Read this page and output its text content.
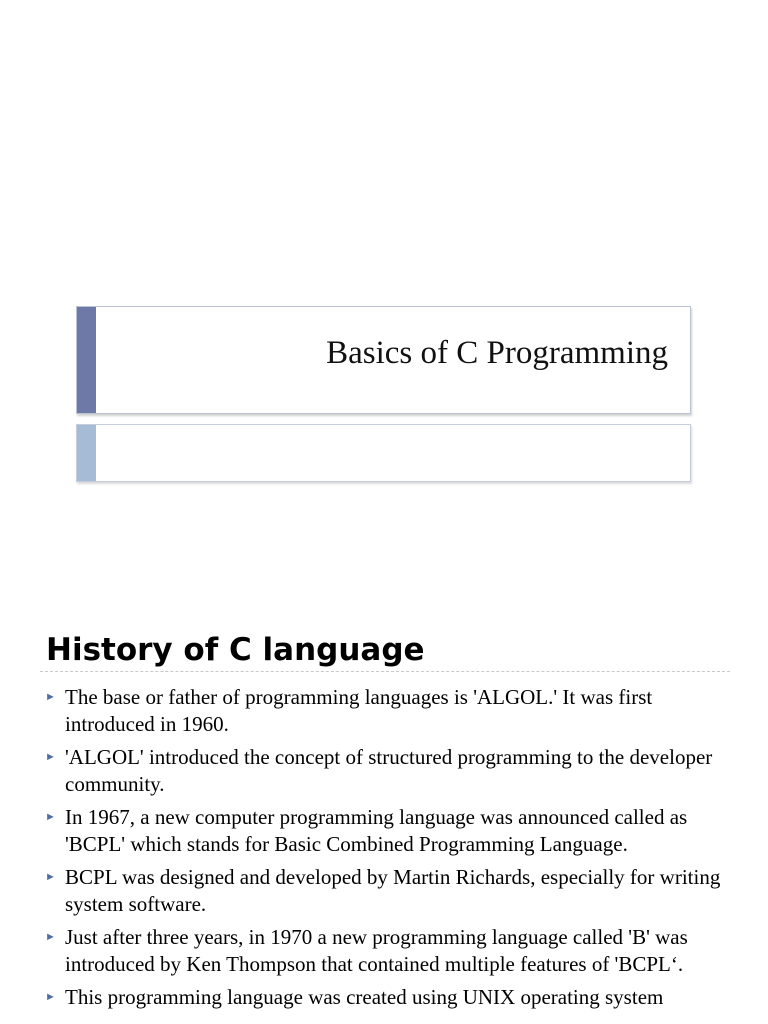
Basics of C Programming
History of C language
► The base or father of programming languages is 'ALGOL.' It was first introduced in 1960.
► 'ALGOL' introduced the concept of structured programming to the developer community.
► In 1967, a new computer programming language was announced called as 'BCPL' which stands for Basic Combined Programming Language.
► BCPL was designed and developed by Martin Richards, especially for writing system software.
► Just after three years, in 1970 a new programming language called 'B' was introduced by Ken Thompson that contained multiple features of 'BCPL‘.
► This programming language was created using UNIX operating system
